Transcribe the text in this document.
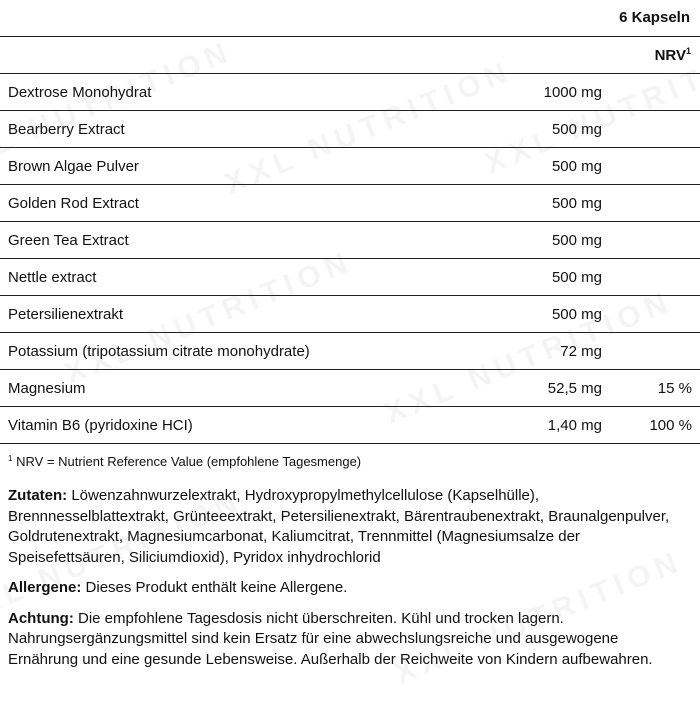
6 Kapseln
NRV$^1$
Dextrose Monohydrat	1000 mg	
Bearberry Extract	500 mg	
Brown Algae Pulver	500 mg	
Golden Rod Extract	500 mg	
Green Tea Extract	500 mg	
Nettle extract	500 mg	
Petersilienextrakt	500 mg	
Potassium (tripotassium citrate monohydrate)	72 mg	
Magnesium	52,5 mg	15 %
Vitamin B6 (pyridoxine HCI)	1,40 mg	100 %
$^1$ NRV = Nutrient Reference Value (empfohlene Tagesmenge)
Zutaten: Löwenzahnwurzelextrakt, Hydroxypropylmethylcellulose (Kapselhülle), Brennnesselblattextrakt, Grünteeextrakt, Petersilienextrakt, Bärentraubenextrakt, Braunalgenpulver, Goldrutenextrakt, Magnesiumcarbonat, Kaliumcitrat, Trennmittel (Magnesiumsalze der Speisefettsäuren, Siliciumdioxid), Pyridox inhydrochlorid
Allergene: Dieses Produkt enthält keine Allergene.
Achtung: Die empfohlene Tagesdosis nicht überschreiten. Kühl und trocken lagern. Nahrungsergänzungsmittel sind kein Ersatz für eine abwechslungsreiche und ausgewogene Ernährung und eine gesunde Lebensweise. Außerhalb der Reichweite von Kindern aufbewahren.
